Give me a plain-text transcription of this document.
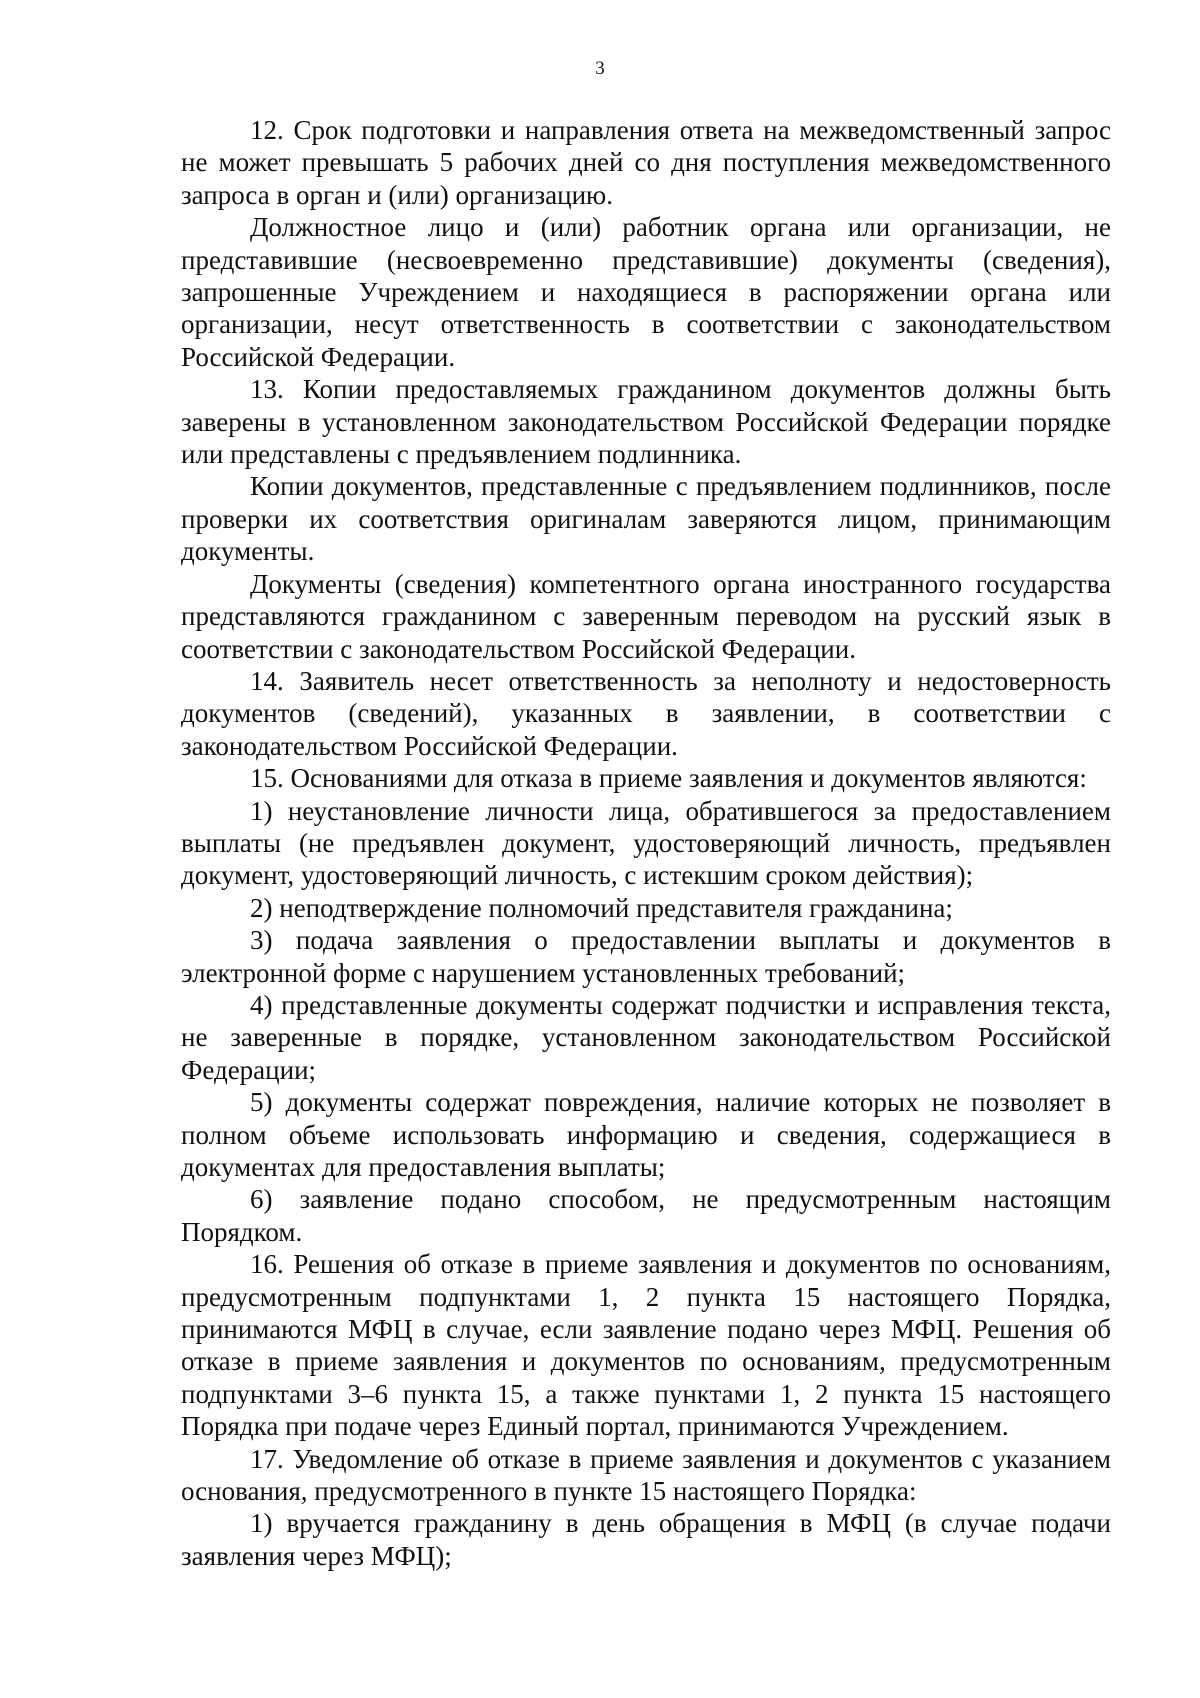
3

12. Срок подготовки и направления ответа на межведомственный запрос не может превышать 5 рабочих дней со дня поступления межведомственного запроса в орган и (или) организацию.

Должностное лицо и (или) работник органа или организации, не представившие (несвоевременно представившие) документы (сведения), запрошенные Учреждением и находящиеся в распоряжении органа или организации, несут ответственность в соответствии с законодательством Российской Федерации.

13. Копии предоставляемых гражданином документов должны быть заверены в установленном законодательством Российской Федерации порядке или представлены с предъявлением подлинника.

Копии документов, представленные с предъявлением подлинников, после проверки их соответствия оригиналам заверяются лицом, принимающим документы.

Документы (сведения) компетентного органа иностранного государства представляются гражданином с заверенным переводом на русский язык в соответствии с законодательством Российской Федерации.

14. Заявитель несет ответственность за неполноту и недостоверность документов (сведений), указанных в заявлении, в соответствии с законодательством Российской Федерации.

15. Основаниями для отказа в приеме заявления и документов являются:

1) неустановление личности лица, обратившегося за предоставлением выплаты (не предъявлен документ, удостоверяющий личность, предъявлен документ, удостоверяющий личность, с истекшим сроком действия);

2) неподтверждение полномочий представителя гражданина;

3) подача заявления о предоставлении выплаты и документов в электронной форме с нарушением установленных требований;

4) представленные документы содержат подчистки и исправления текста, не заверенные в порядке, установленном законодательством Российской Федерации;

5) документы содержат повреждения, наличие которых не позволяет в полном объеме использовать информацию и сведения, содержащиеся в документах для предоставления выплаты;

6) заявление подано способом, не предусмотренным настоящим Порядком.

16. Решения об отказе в приеме заявления и документов по основаниям, предусмотренным подпунктами 1, 2 пункта 15 настоящего Порядка, принимаются МФЦ в случае, если заявление подано через МФЦ. Решения об отказе в приеме заявления и документов по основаниям, предусмотренным подпунктами 3–6 пункта 15, а также пунктами 1, 2 пункта 15 настоящего Порядка при подаче через Единый портал, принимаются Учреждением.

17. Уведомление об отказе в приеме заявления и документов с указанием основания, предусмотренного в пункте 15 настоящего Порядка:

1) вручается гражданину в день обращения в МФЦ (в случае подачи заявления через МФЦ);
